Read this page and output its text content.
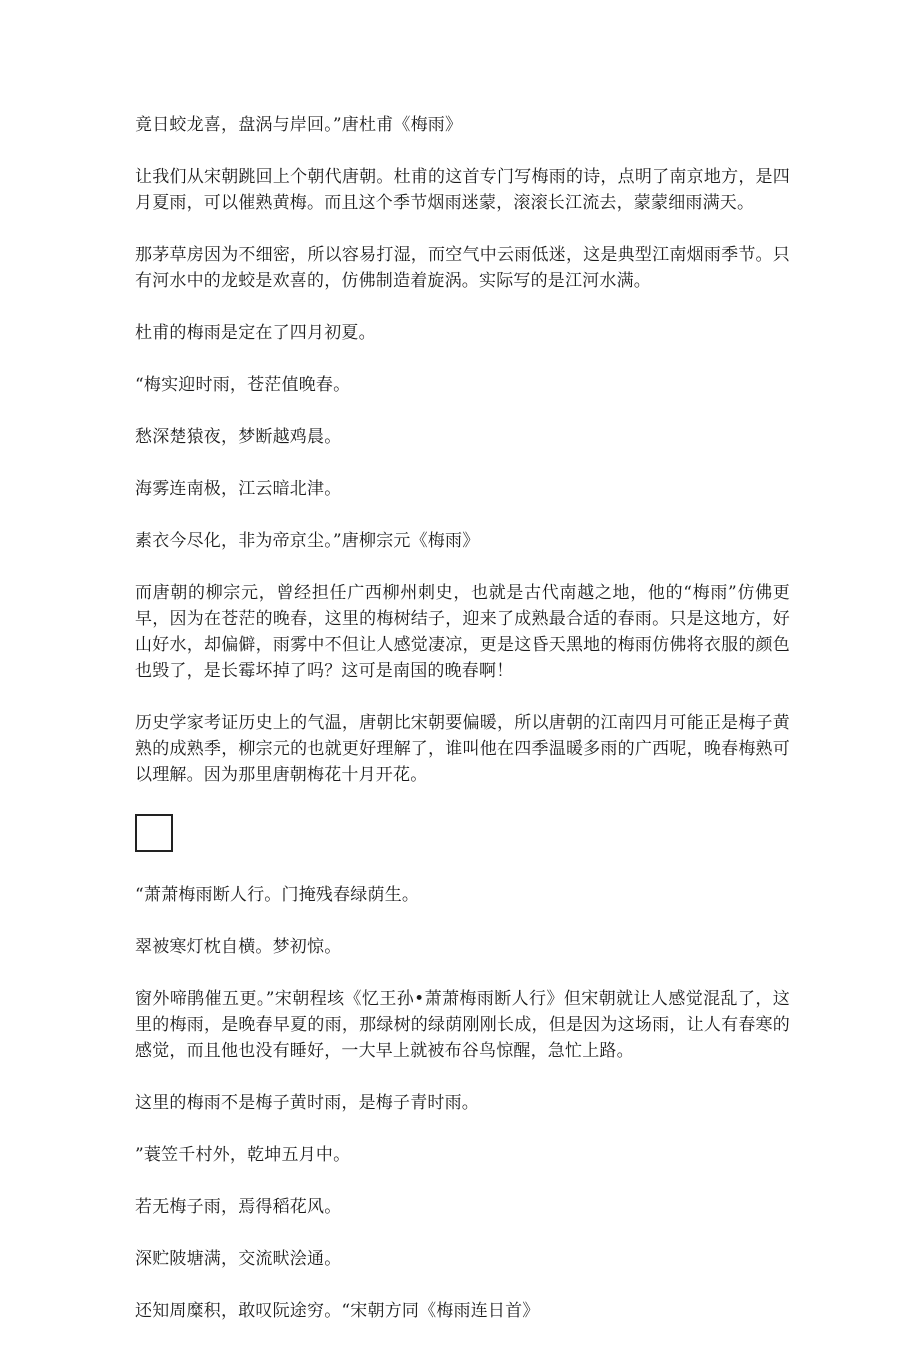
竟日蛟龙喜，盘涡与岸回。”唐杜甫《梅雨》

让我们从宋朝跳回上个朝代唐朝。杜甫的这首专门写梅雨的诗，点明了南京地方，是四月夏雨，可以催熟黄梅。而且这个季节烟雨迷蒙，滚滚长江流去，蒙蒙细雨满天。

那茅草房因为不细密，所以容易打湿，而空气中云雨低迷，这是典型江南烟雨季节。只有河水中的龙蛟是欢喜的，仿佛制造着旋涡。实际写的是江河水满。

杜甫的梅雨是定在了四月初夏。

“梅实迎时雨，苍茫值晚春。

愁深楚猿夜，梦断越鸡晨。

海雾连南极，江云暗北津。

素衣今尽化，非为帝京尘。”唐柳宗元《梅雨》

而唐朝的柳宗元，曾经担任广西柳州刺史，也就是古代南越之地，他的“梅雨”仿佛更早，因为在苍茫的晚春，这里的梅树结子，迎来了成熟最合适的春雨。只是这地方，好山好水，却偏僻，雨雾中不但让人感觉凄凉，更是这昏天黑地的梅雨仿佛将衣服的颜色也毁了，是长霉坏掉了吗？这可是南国的晚春啊！

历史学家考证历史上的气温，唐朝比宋朝要偏暖，所以唐朝的江南四月可能正是梅子黄熟的成熟季，柳宗元的也就更好理解了，谁叫他在四季温暖多雨的广西呢，晚春梅熟可以理解。因为那里唐朝梅花十月开花。

“萧萧梅雨断人行。门掩残春绿荫生。

翠被寒灯枕自横。梦初惊。

窗外啼鹃催五更。”宋朝程垓《忆王孙•萧萧梅雨断人行》但宋朝就让人感觉混乱了，这里的梅雨，是晚春早夏的雨，那绿树的绿荫刚刚长成，但是因为这场雨，让人有春寒的感觉，而且他也没有睡好，一大早上就被布谷鸟惊醒，急忙上路。

这里的梅雨不是梅子黄时雨，是梅子青时雨。

”蓑笠千村外，乾坤五月中。

若无梅子雨，焉得稻花风。

深贮陂塘满，交流畎浍通。

还知周糜积，敢叹阮途穷。“宋朝方同《梅雨连日首》
